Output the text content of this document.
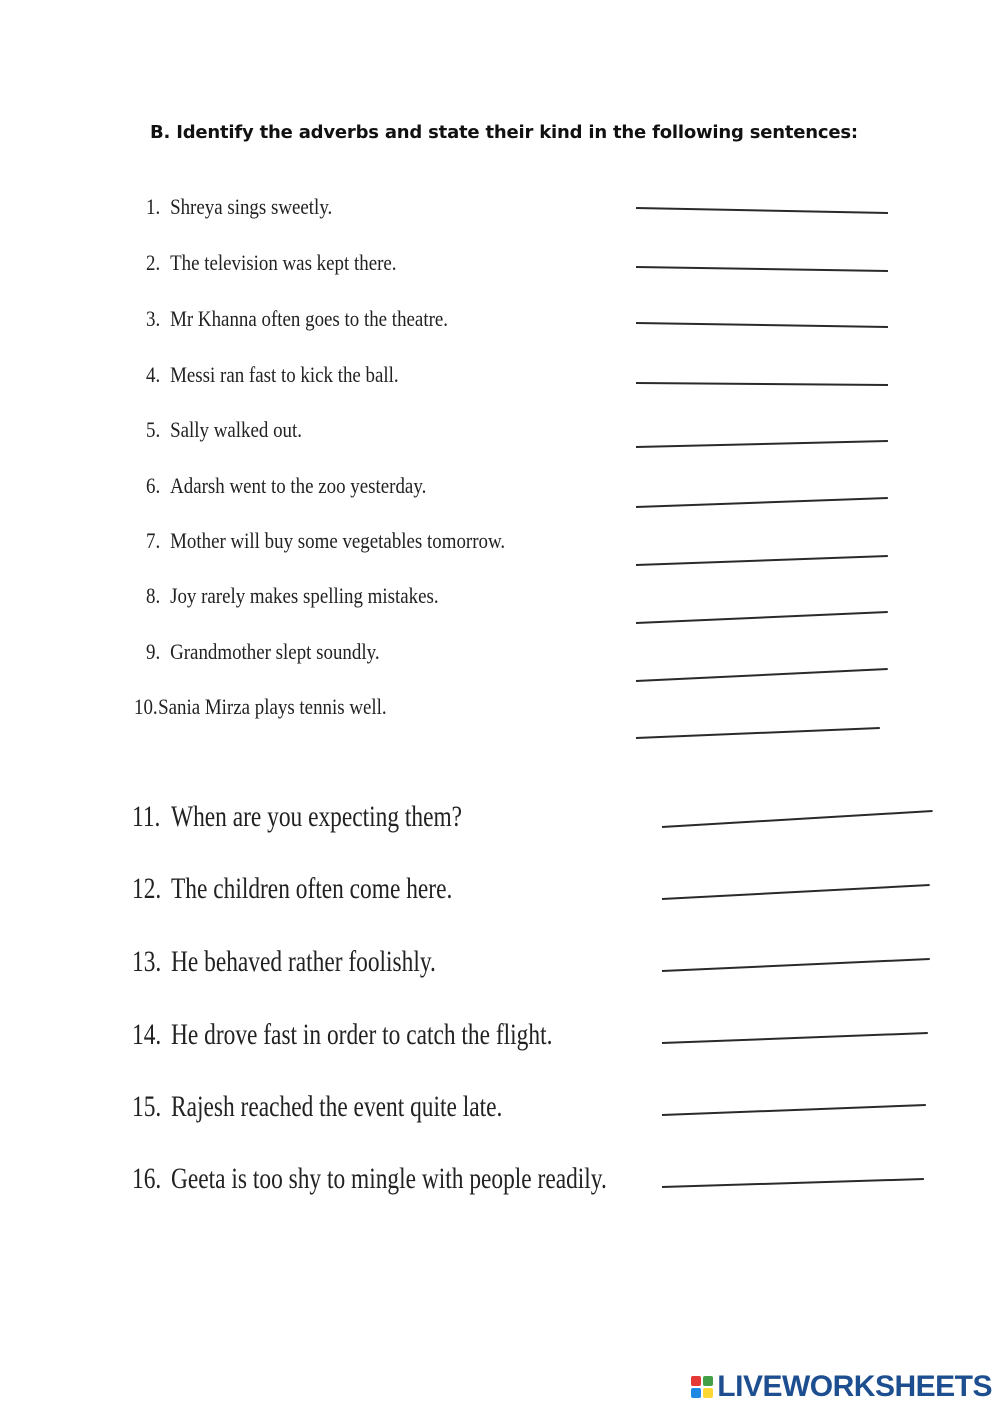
B. Identify the adverbs and state their kind in the following sentences:
1. Shreya sings sweetly.
2. The television was kept there.
3. Mr Khanna often goes to the theatre.
4. Messi ran fast to kick the ball.
5. Sally walked out.
6. Adarsh went to the zoo yesterday.
7. Mother will buy some vegetables tomorrow.
8. Joy rarely makes spelling mistakes.
9. Grandmother slept soundly.
10.Sania Mirza plays tennis well.
11. When are you expecting them?
12. The children often come here.
13. He behaved rather foolishly.
14. He drove fast in order to catch the flight.
15. Rajesh reached the event quite late.
16. Geeta is too shy to mingle with people readily.
LIVEWORKSHEETS
